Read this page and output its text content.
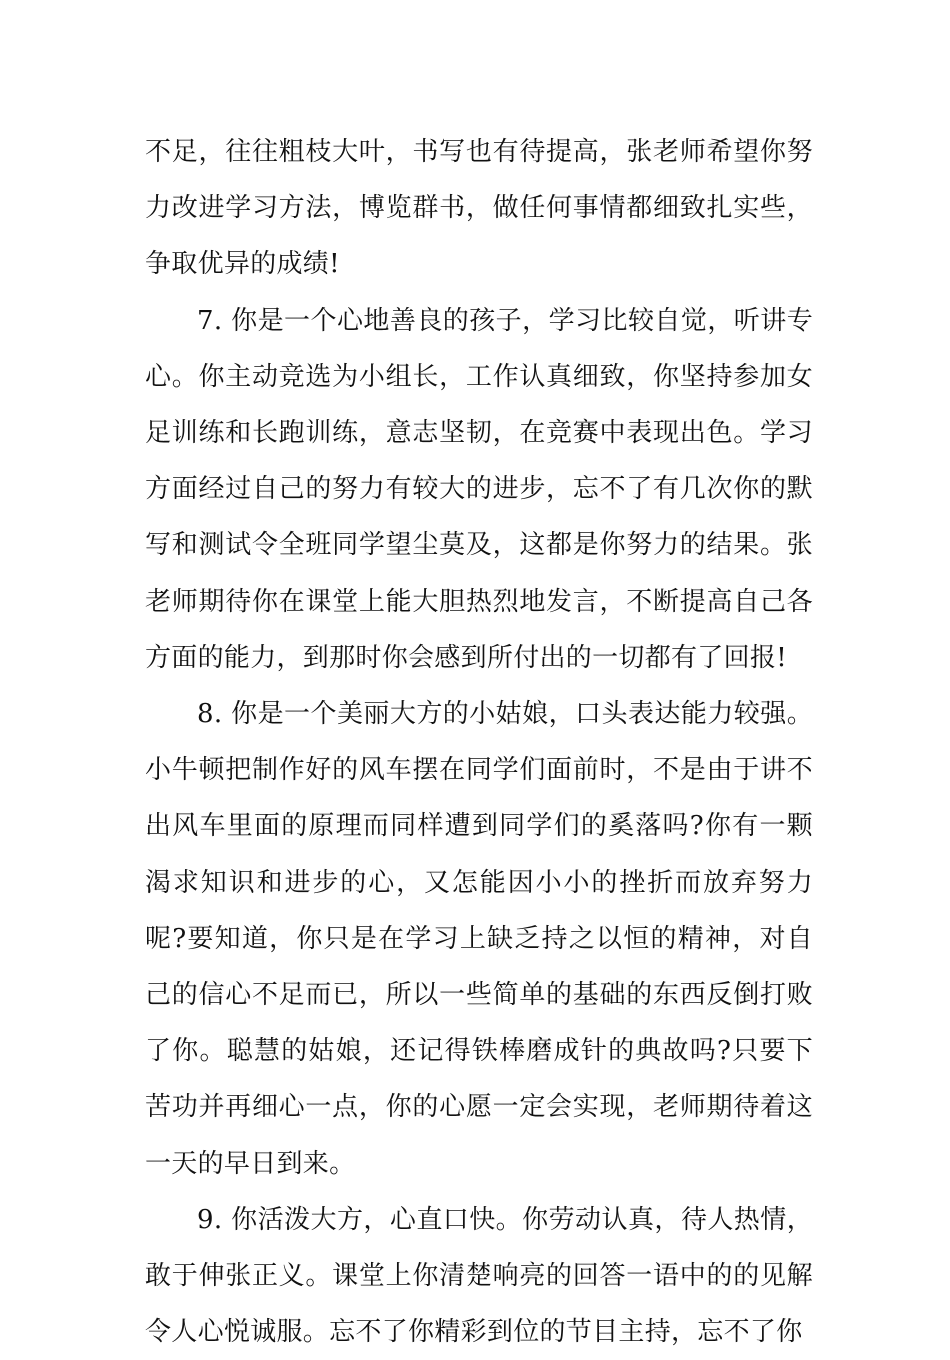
不足，往往粗枝大叶，书写也有待提高，张老师希望你努力改进学习方法，博览群书，做任何事情都细致扎实些，争取优异的成绩!

7. 你是一个心地善良的孩子，学习比较自觉，听讲专心。你主动竞选为小组长，工作认真细致，你坚持参加女足训练和长跑训练，意志坚韧，在竞赛中表现出色。学习方面经过自己的努力有较大的进步，忘不了有几次你的默写和测试令全班同学望尘莫及，这都是你努力的结果。张老师期待你在课堂上能大胆热烈地发言，不断提高自己各方面的能力，到那时你会感到所付出的一切都有了回报!

8. 你是一个美丽大方的小姑娘，口头表达能力较强。小牛顿把制作好的风车摆在同学们面前时，不是由于讲不出风车里面的原理而同样遭到同学们的奚落吗?你有一颗渴求知识和进步的心，又怎能因小小的挫折而放弃努力呢?要知道，你只是在学习上缺乏持之以恒的精神，对自己的信心不足而已，所以一些简单的基础的东西反倒打败了你。聪慧的姑娘，还记得铁棒磨成针的典故吗?只要下苦功并再细心一点，你的心愿一定会实现，老师期待着这一天的早日到来。

9. 你活泼大方，心直口快。你劳动认真，待人热情，敢于伸张正义。课堂上你清楚响亮的回答一语中的的见解令人心悦诚服。忘不了你精彩到位的节目主持，忘不了你
